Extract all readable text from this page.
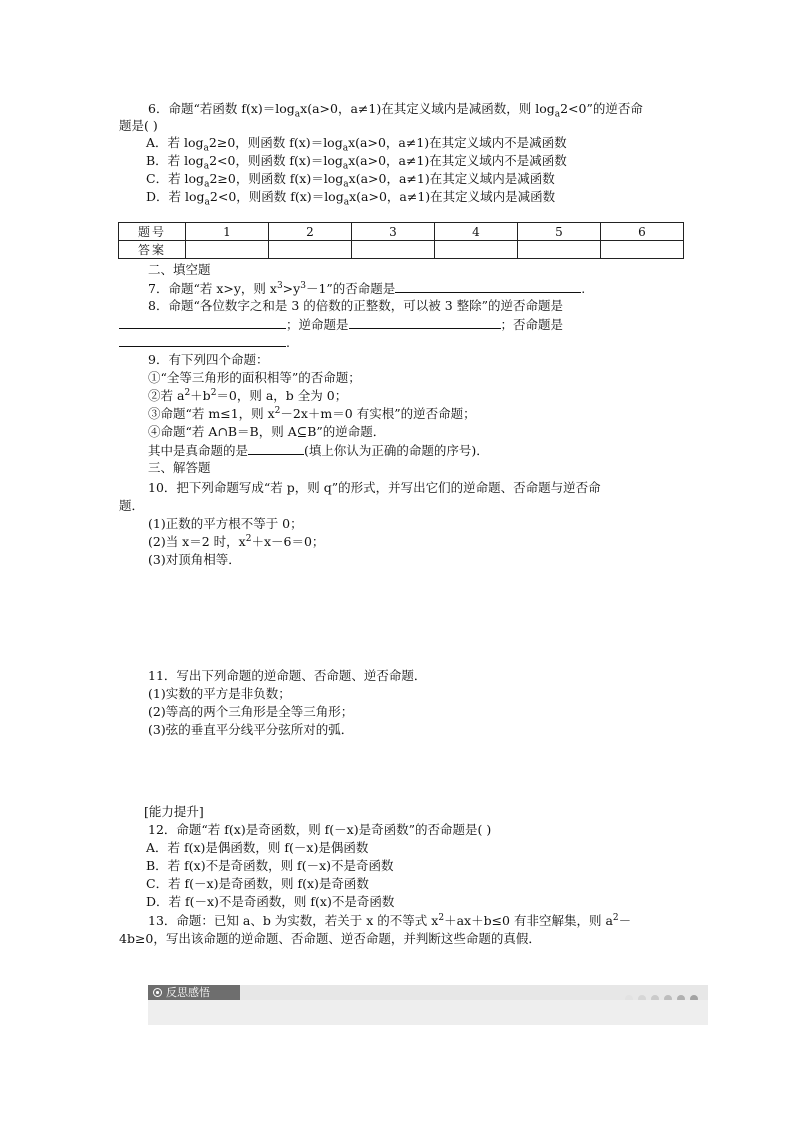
6．命题“若函数 $f(x)=\log_ax(a>0$，a≠1)在其定义域内是减函数，则 $\log_a2<0$”的逆否命
题是( )
A．若 $\log_a2\ge 0$，则函数 $f(x)=\log_ax(a>0$，a≠1)在其定义域内不是减函数
B．若 $\log_a2<0$，则函数 $f(x)=\log_ax(a>0$，a≠1)在其定义域内不是减函数
C．若 $\log_a2\ge 0$，则函数 $f(x)=\log_ax(a>0$，a≠1)在其定义域内是减函数
D．若 $\log_a2<0$，则函数 $f(x)=\log_ax(a>0$，a≠1)在其定义域内是减函数
题号	1	2	3	4	5	6
答案						
二、填空题
7．命题“若 x>y，则 $x^3>y^3-1$”的否命题是	.
8．命题“各位数字之和是 3 的倍数的正整数，可以被 3 整除”的逆否命题是
；逆命题是	；否命题是
.
9．有下列四个命题：
①“全等三角形的面积相等”的否命题；
②若 $a^2+b^2=0$，则 a，b 全为 0；
③命题“若 m≤1，则 $x^2-2x+m=0$ 有实根”的逆否命题；
④命题“若 A∩B＝B，则 A⊆B”的逆命题．
其中是真命题的是	(填上你认为正确的命题的序号)．
三、解答题
10．把下列命题写成“若 p，则 q”的形式，并写出它们的逆命题、否命题与逆否命
题．
(1)正数的平方根不等于 0；
(2)当 x＝2 时，$x^2+x-6=0$；
(3)对顶角相等．
11．写出下列命题的逆命题、否命题、逆否命题．
(1)实数的平方是非负数；
(2)等高的两个三角形是全等三角形；
(3)弦的垂直平分线平分弦所对的弧．
[能力提升]
12．命题“若 f(x)是奇函数，则 f(－x)是奇函数”的否命题是( )
A．若 f(x)是偶函数，则 f(－x)是偶函数
B．若 f(x)不是奇函数，则 f(－x)不是奇函数
C．若 f(－x)是奇函数，则 f(x)是奇函数
D．若 f(－x)不是奇函数，则 f(x)不是奇函数
13．命题：已知 a、b 为实数，若关于 x 的不等式 $x^2+ax+b\le 0$ 有非空解集，则 $a^2-$
4b≥0，写出该命题的逆命题、否命题、逆否命题，并判断这些命题的真假．
反思感悟
